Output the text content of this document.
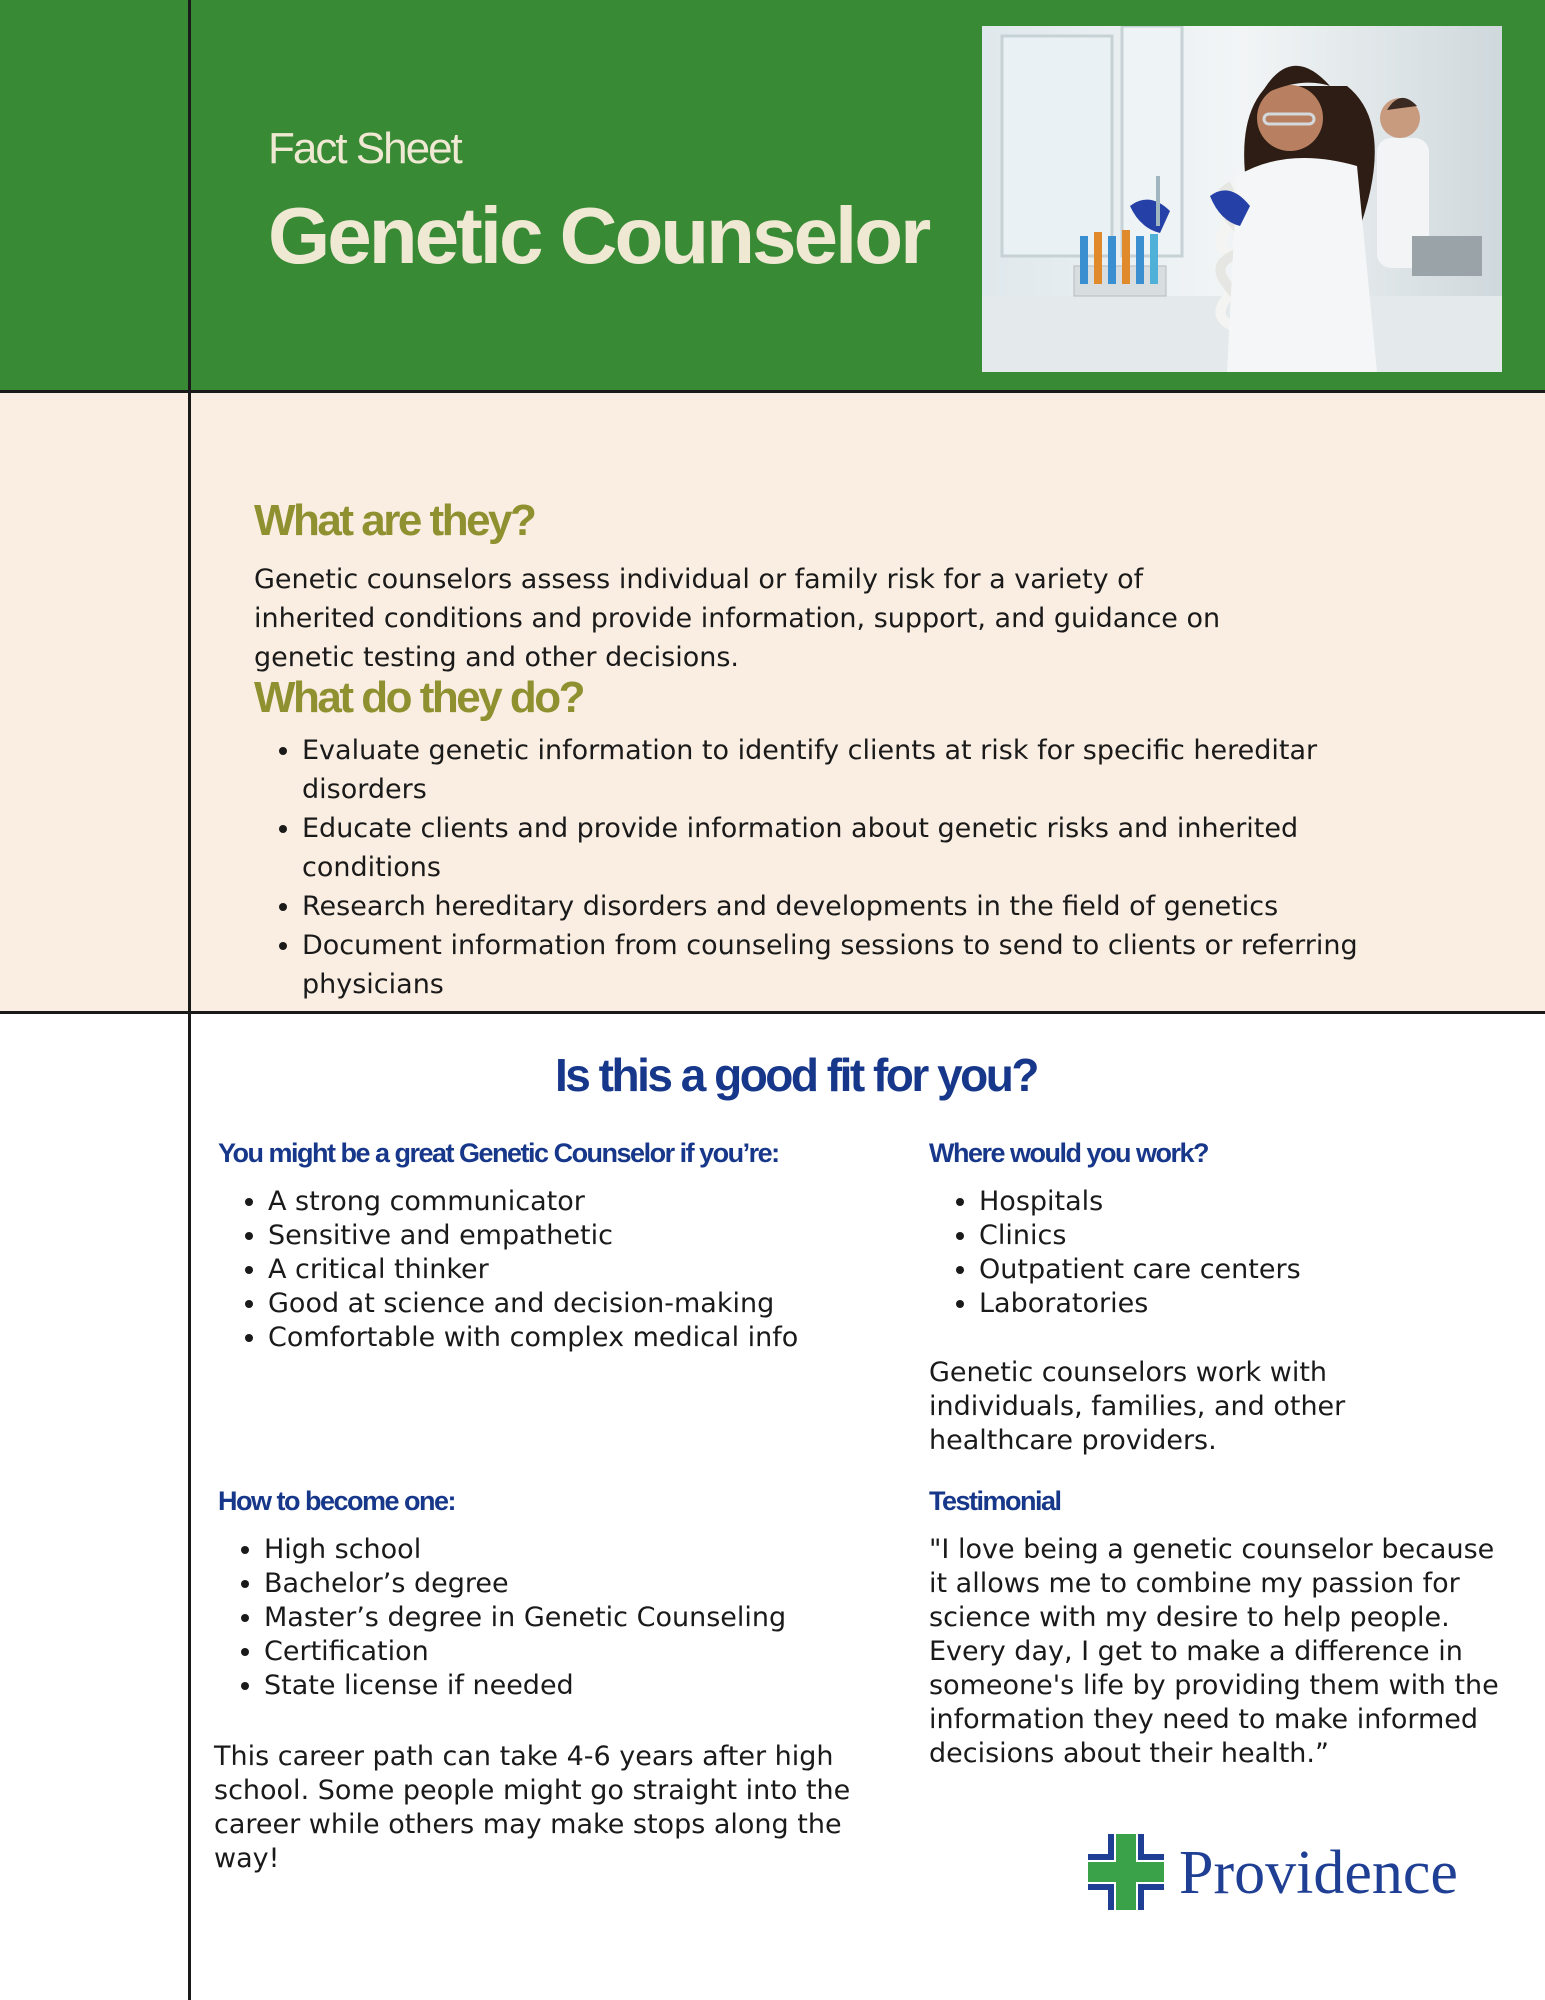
Fact Sheet
Genetic Counselor
What are they?

Genetic counselors assess individual or family risk for a variety of inherited conditions and provide information, support, and guidance on genetic testing and other decisions.

What do they do?
• Evaluate genetic information to identify clients at risk for specific hereditar disorders
• Educate clients and provide information about genetic risks and inherited conditions
• Research hereditary disorders and developments in the field of genetics
• Document information from counseling sessions to send to clients or referring physicians
Is this a good fit for you?
You might be a great Genetic Counselor if you’re:
• A strong communicator
• Sensitive and empathetic
• A critical thinker
• Good at science and decision-making
• Comfortable with complex medical info
Where would you work?
• Hospitals
• Clinics
• Outpatient care centers
• Laboratories

Genetic counselors work with individuals, families, and other healthcare providers.

How to become one:
• High school
• Bachelor’s degree
• Master’s degree in Genetic Counseling
• Certification
• State license if needed

This career path can take 4-6 years after high school. Some people might go straight into the career while others may make stops along the way!

Testimonial

"I love being a genetic counselor because it allows me to combine my passion for science with my desire to help people. Every day, I get to make a difference in someone's life by providing them with the information they need to make informed decisions about their health.”

Providence
